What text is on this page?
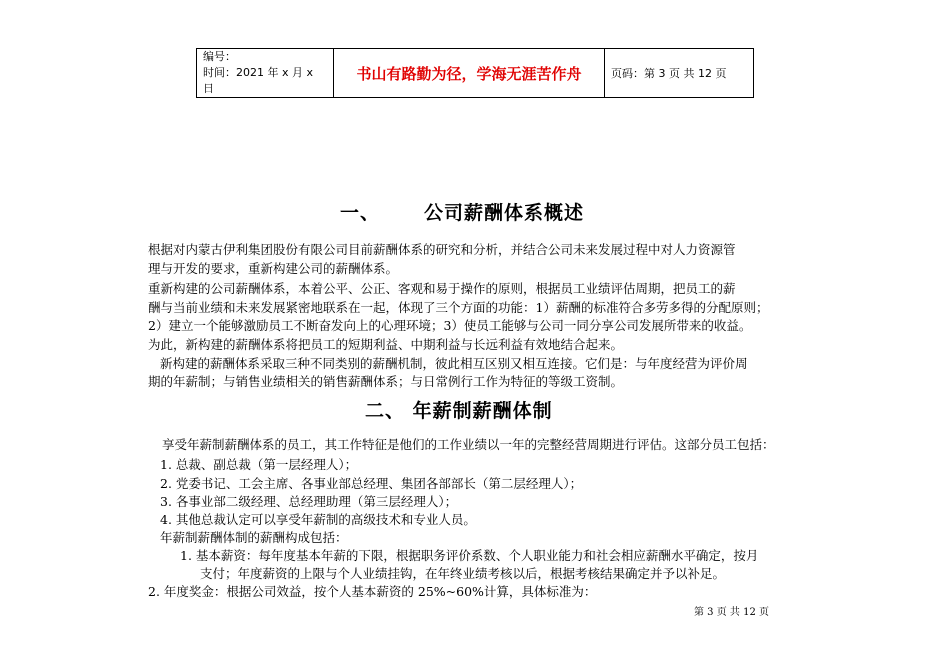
编号：
时间：2021 年 x 月 x 日
	书山有路勤为径，学海无涯苦作舟	页码：第 3 页 共 12 页
一、 公司薪酬体系概述
根据对内蒙古伊利集团股份有限公司目前薪酬体系的研究和分析，并结合公司未来发展过程中对人力资源管
理与开发的要求，重新构建公司的薪酬体系。
重新构建的公司薪酬体系，本着公平、公正、客观和易于操作的原则，根据员工业绩评估周期，把员工的薪
酬与当前业绩和未来发展紧密地联系在一起，体现了三个方面的功能：1）薪酬的标准符合多劳多得的分配原则；
2）建立一个能够激励员工不断奋发向上的心理环境；3）使员工能够与公司一同分享公司发展所带来的收益。
为此，新构建的薪酬体系将把员工的短期利益、中期利益与长远利益有效地结合起来。
新构建的薪酬体系采取三种不同类别的薪酬机制，彼此相互区别又相互连接。它们是：与年度经营为评价周
期的年薪制；与销售业绩相关的销售薪酬体系；与日常例行工作为特征的等级工资制。
二、 年薪制薪酬体制
享受年薪制薪酬体系的员工，其工作特征是他们的工作业绩以一年的完整经营周期进行评估。这部分员工包括：
1. 总裁、副总裁（第一层经理人）；
2. 党委书记、工会主席、各事业部总经理、集团各部部长（第二层经理人）；
3. 各事业部二级经理、总经理助理（第三层经理人）；
4. 其他总裁认定可以享受年薪制的高级技术和专业人员。
年薪制薪酬体制的薪酬构成包括：
1. 基本薪资：每年度基本年薪的下限，根据职务评价系数、个人职业能力和社会相应薪酬水平确定，按月
支付；年度薪资的上限与个人业绩挂钩，在年终业绩考核以后，根据考核结果确定并予以补足。
2. 年度奖金：根据公司效益，按个人基本薪资的 25%~60%计算，具体标准为：
第 3 页 共 12 页
